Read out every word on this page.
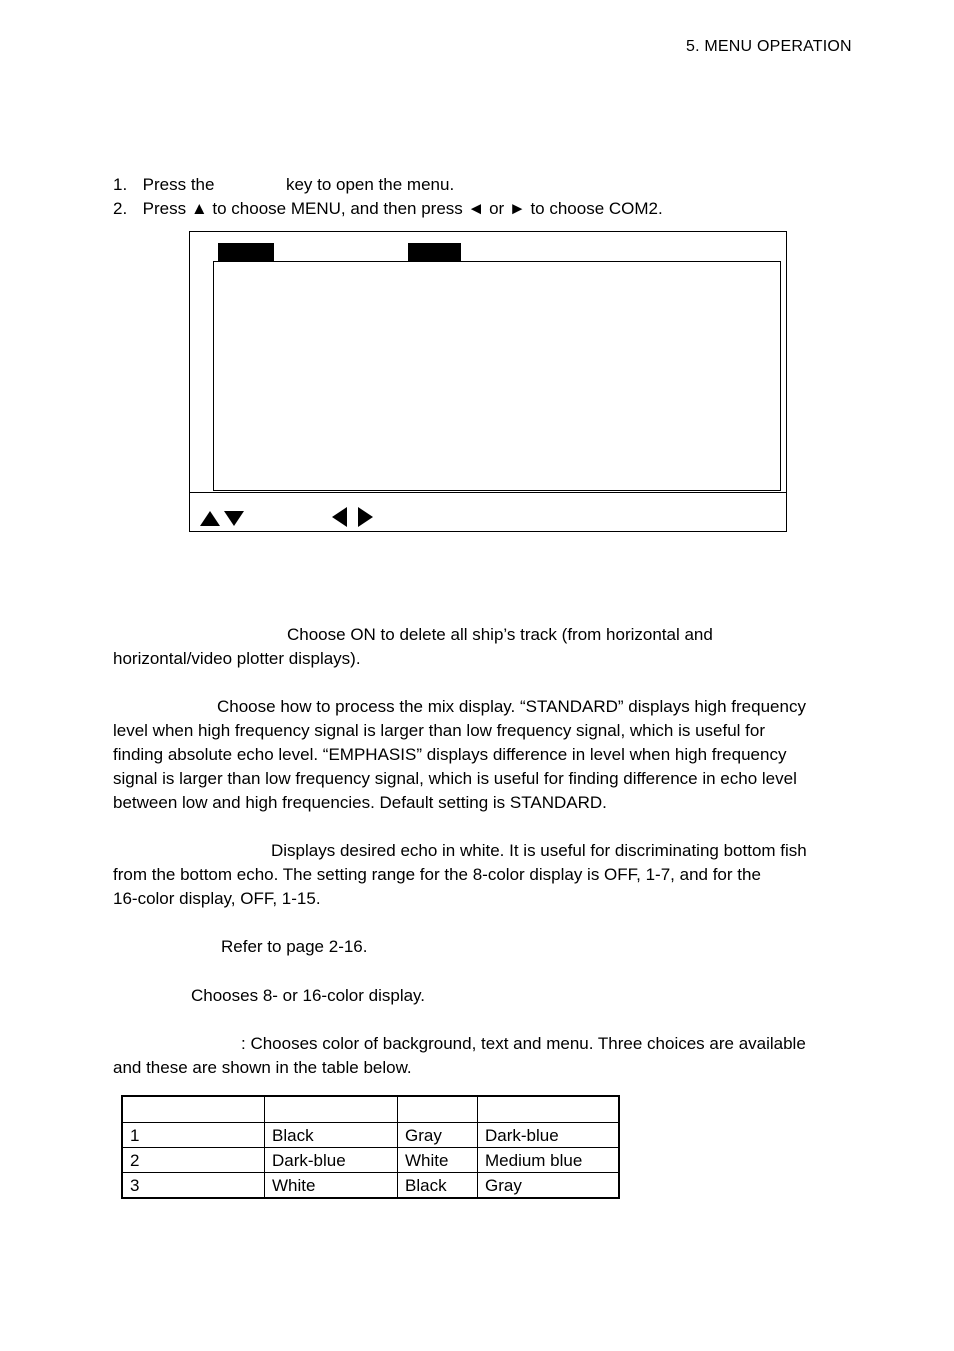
5. MENU OPERATION
1. Press the	key to open the menu.
2. Press ▲ to choose MENU, and then press ◄ or ► to choose COM2.
Choose ON to delete all ship’s track (from horizontal and
horizontal/video plotter displays).
Choose how to process the mix display. “STANDARD” displays high frequency
level when high frequency signal is larger than low frequency signal, which is useful for
finding absolute echo level. “EMPHASIS” displays difference in level when high frequency
signal is larger than low frequency signal, which is useful for finding difference in echo level
between low and high frequencies. Default setting is STANDARD.
Displays desired echo in white. It is useful for discriminating bottom fish
from the bottom echo. The setting range for the 8-color display is OFF, 1-7, and for the
16-color display, OFF, 1-15.
Refer to page 2-16.
Chooses 8- or 16-color display.
: Chooses color of background, text and menu. Three choices are available
and these are shown in the table below.

1	Black	Gray	Dark-blue
2	Dark-blue	White	Medium blue
3	White	Black	Gray
